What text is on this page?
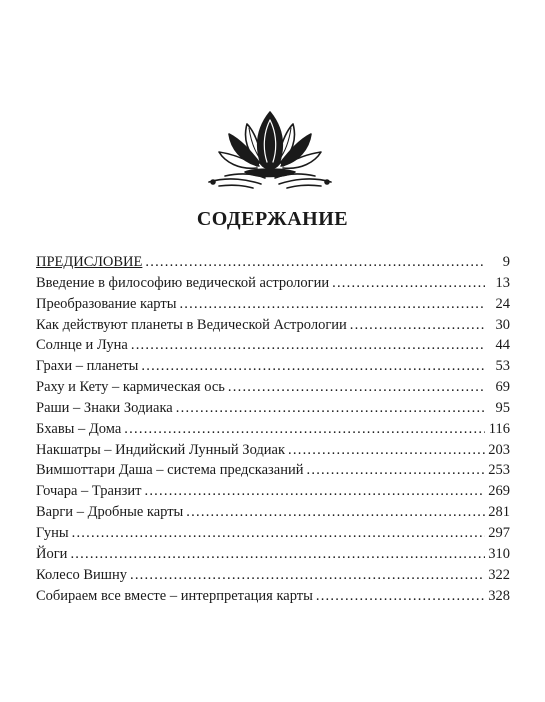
СОДЕРЖАНИЕ
ПРЕДИСЛОВИЕ . . .	9
Введение в философию ведической астрологии . . .	13
Преобразование карты . . .	24
Как действуют планеты в Ведической Астрологии . . .	30
Солнце и Луна . . .	44
Грахи – планеты . . .	53
Раху и Кету – кармическая ось . . .	69
Раши – Знаки Зодиака . . .	95
Бхавы – Дома . . .	116
Накшатры – Индийский Лунный Зодиак . . .	203
Вимшоттари Даша – система предсказаний . . .	253
Гочара – Транзит . . .	269
Варги – Дробные карты . . .	281
Гуны . . .	297
Йоги . . .	310
Колесо Вишну . . .	322
Собираем все вместе – интерпретация карты . . .	328
